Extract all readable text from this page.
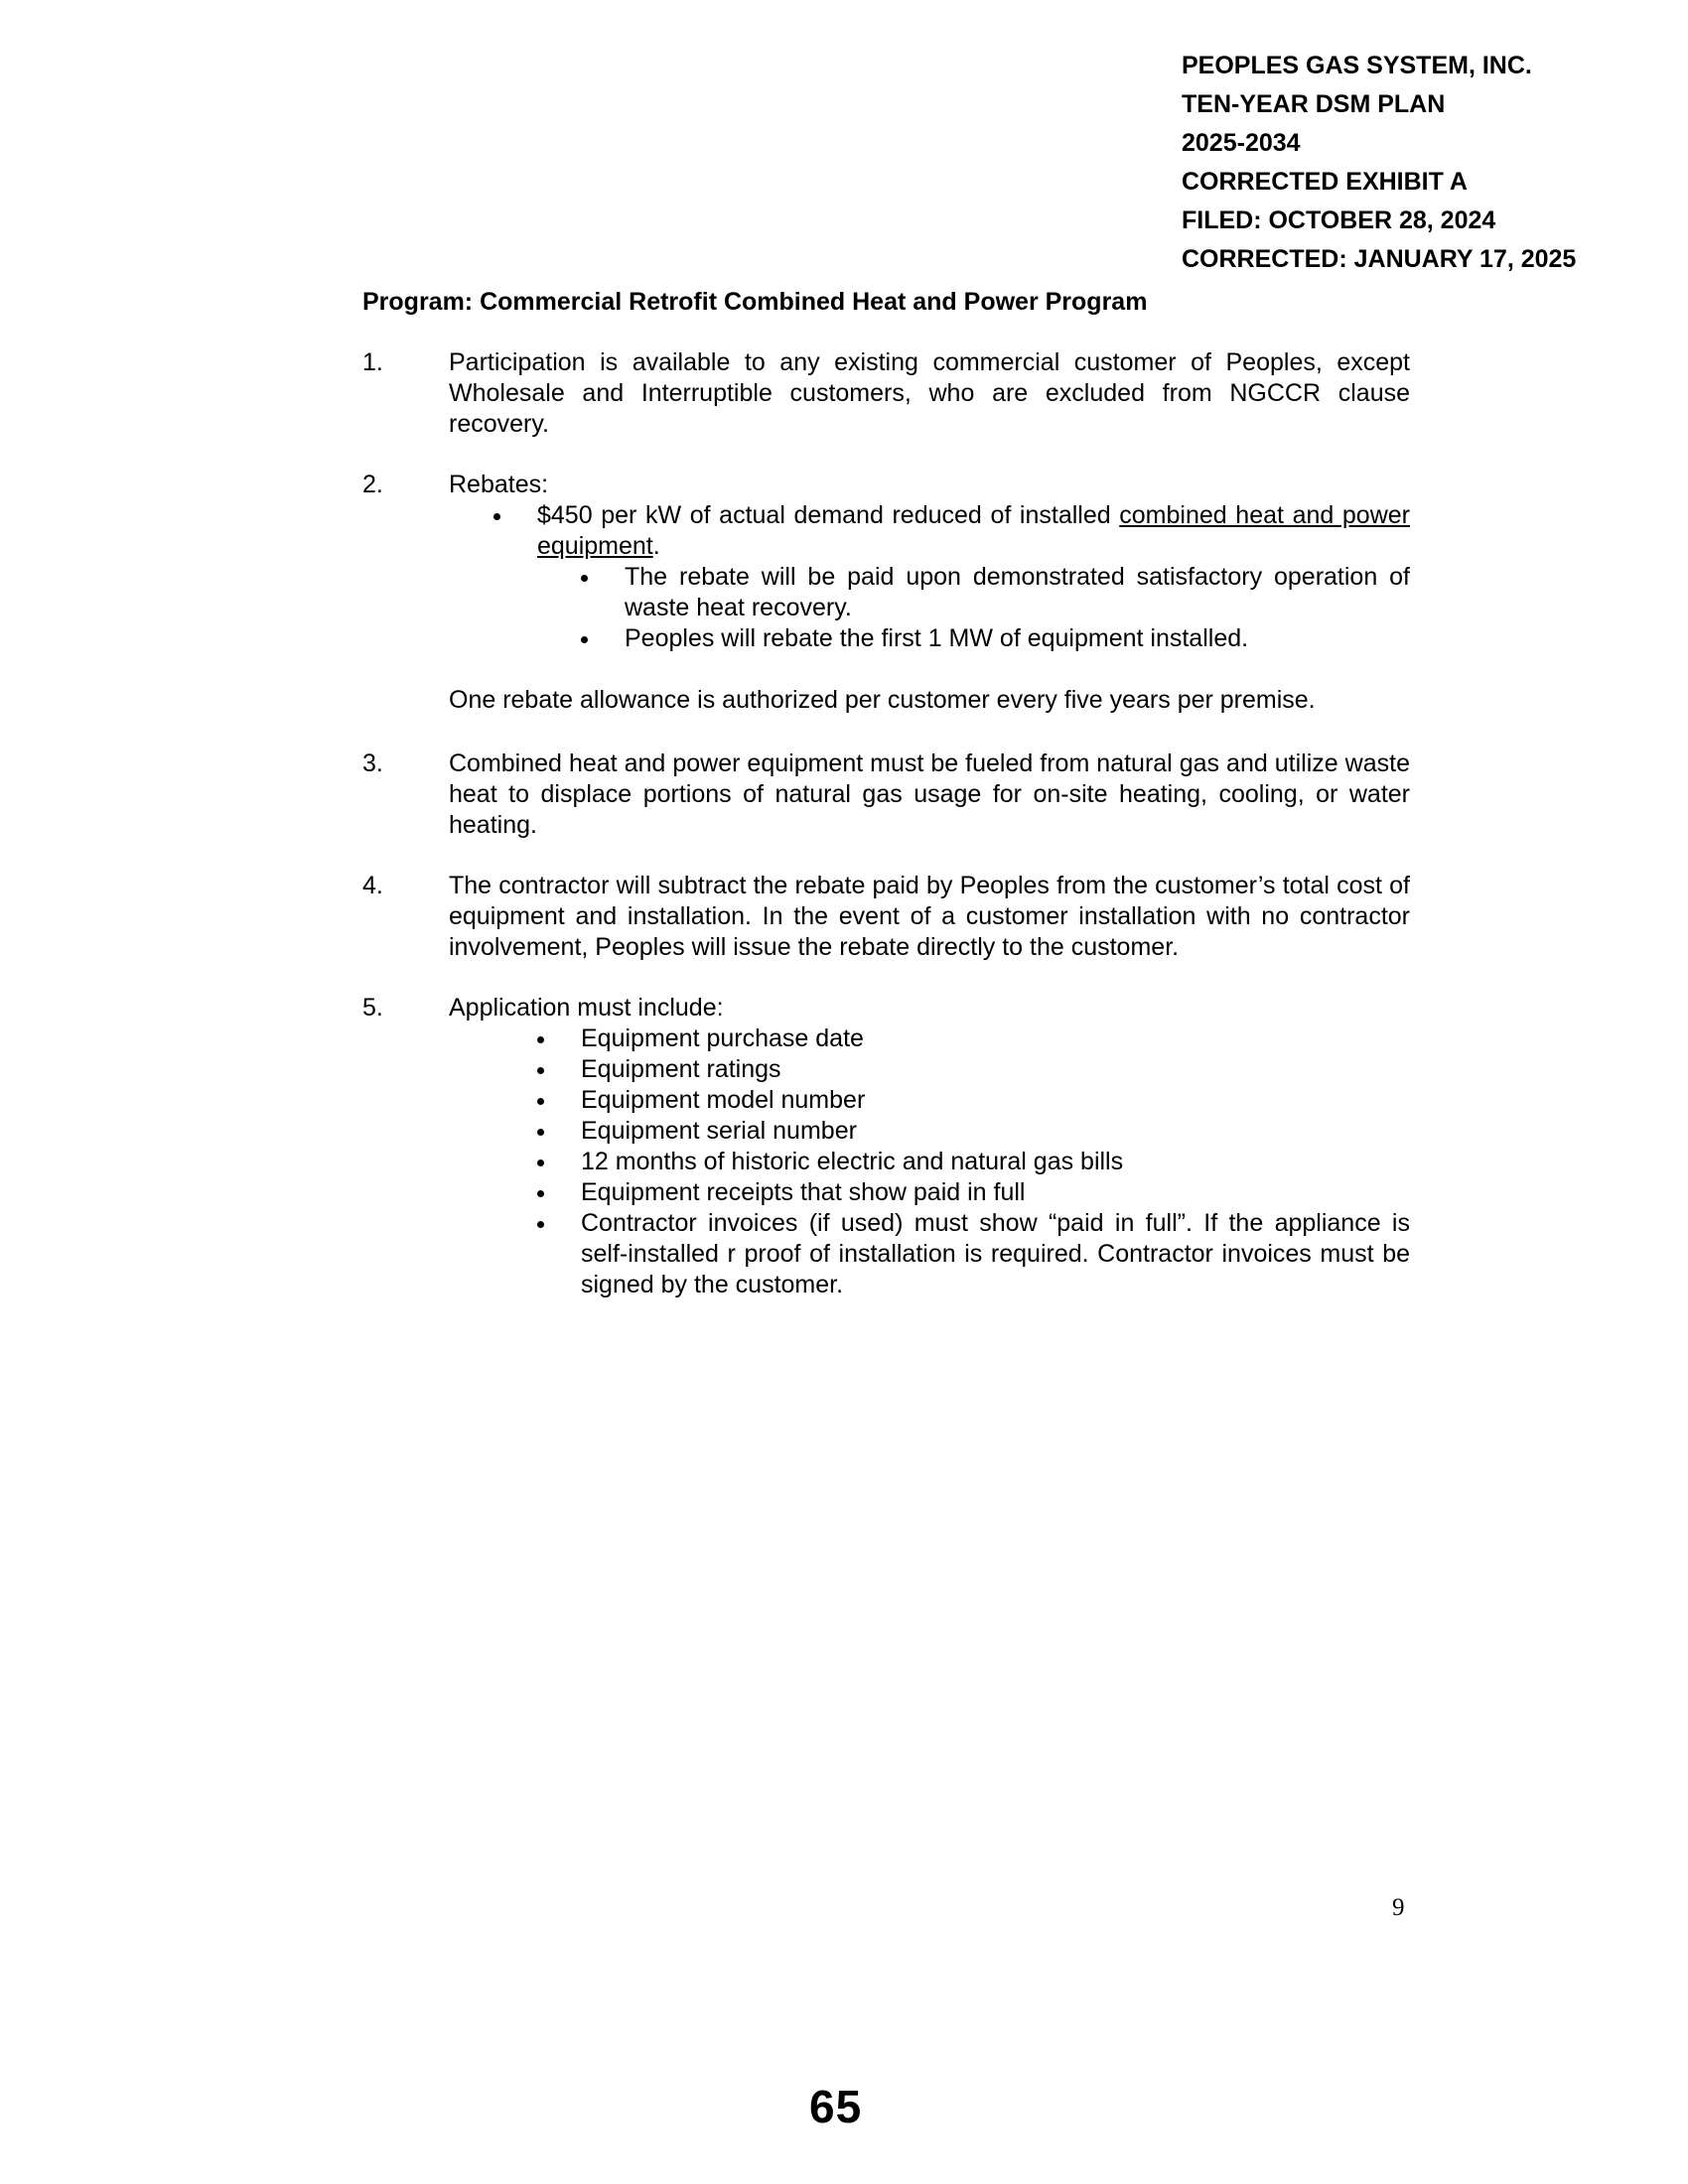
PEOPLES GAS SYSTEM, INC.
TEN-YEAR DSM PLAN
2025-2034
CORRECTED EXHIBIT A
FILED: OCTOBER 28, 2024
CORRECTED: JANUARY 17, 2025
Program: Commercial Retrofit Combined Heat and Power Program
1.	Participation is available to any existing commercial customer of Peoples, except Wholesale and Interruptible customers, who are excluded from NGCCR clause recovery.
2.	Rebates:
$450 per kW of actual demand reduced of installed combined heat and power equipment.
The rebate will be paid upon demonstrated satisfactory operation of waste heat recovery.
Peoples will rebate the first 1 MW of equipment installed.
One rebate allowance is authorized per customer every five years per premise.
3.	Combined heat and power equipment must be fueled from natural gas and utilize waste heat to displace portions of natural gas usage for on-site heating, cooling, or water heating.
4.	The contractor will subtract the rebate paid by Peoples from the customer’s total cost of equipment and installation. In the event of a customer installation with no contractor involvement, Peoples will issue the rebate directly to the customer.
5.	Application must include:
Equipment purchase date
Equipment ratings
Equipment model number
Equipment serial number
12 months of historic electric and natural gas bills
Equipment receipts that show paid in full
Contractor invoices (if used) must show “paid in full”. If the appliance is self-installed r proof of installation is required. Contractor invoices must be signed by the customer.
9
65
